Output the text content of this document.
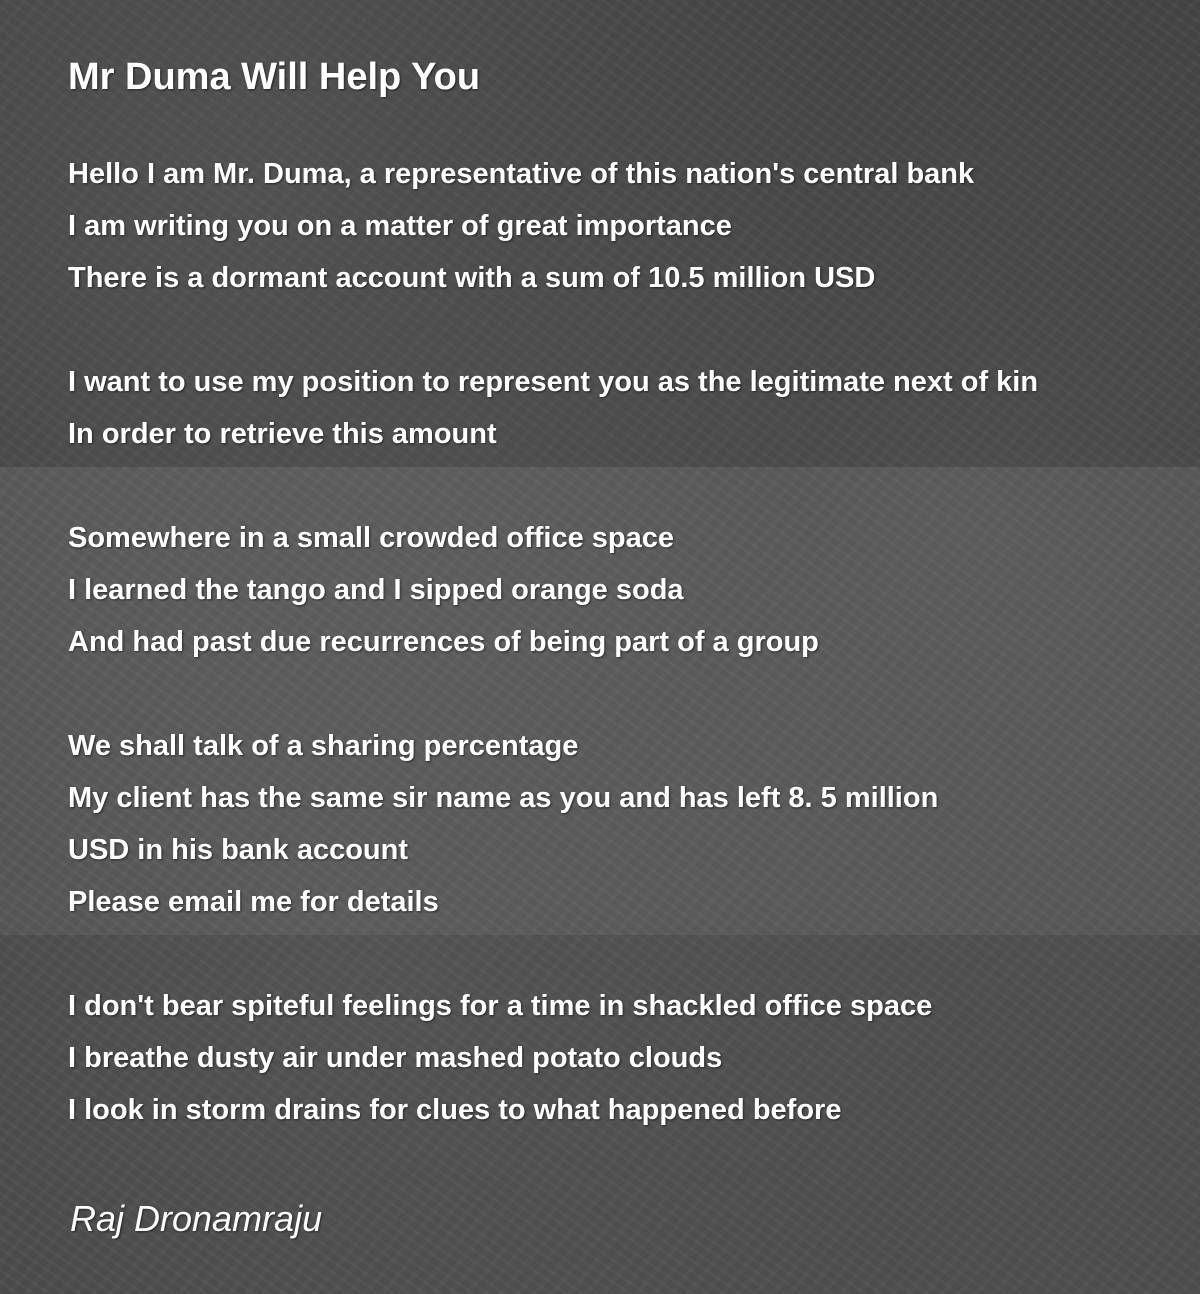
Mr Duma Will Help You

Hello I am Mr. Duma, a representative of this nation's central bank
I am writing you on a matter of great importance
There is a dormant account with a sum of 10.5 million USD

I want to use my position to represent you as the legitimate next of kin
In order to retrieve this amount

Somewhere in a small crowded office space
I learned the tango and I sipped orange soda
And had past due recurrences of being part of a group

We shall talk of a sharing percentage
My client has the same sir name as you and has left 8. 5 million
USD in his bank account
Please email me for details

I don't bear spiteful feelings for a time in shackled office space
I breathe dusty air under mashed potato clouds
I look in storm drains for clues to what happened before

Raj Dronamraju
